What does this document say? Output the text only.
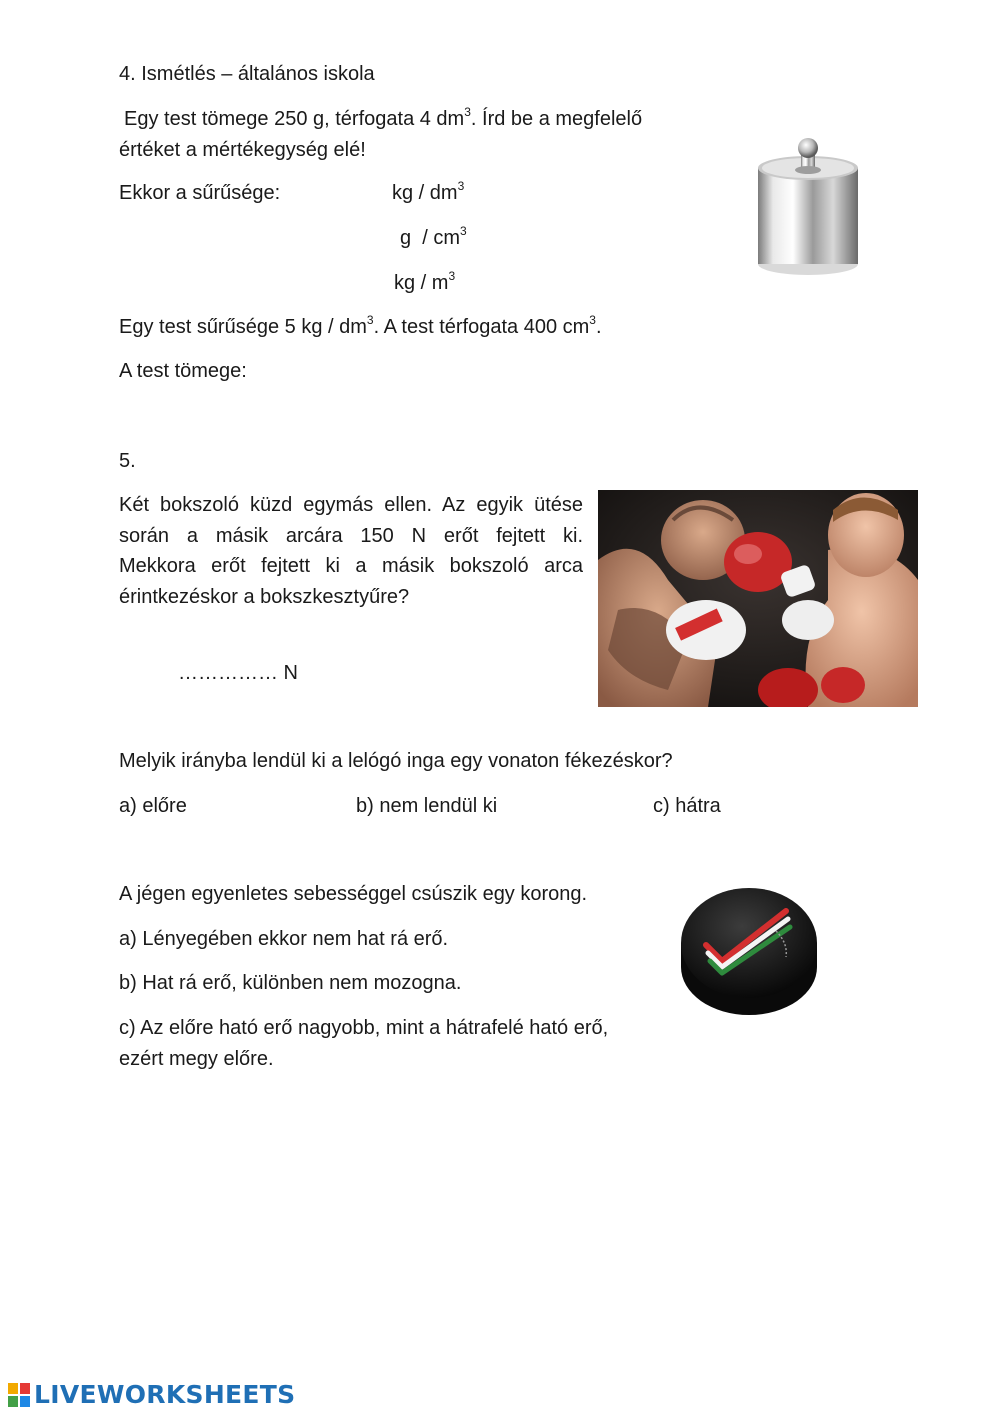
4. Ismétlés – általános iskola
Egy test tömege 250 g, térfogata 4 $dm^3$. Írd be a megfelelő
értéket a mértékegység elé!
Ekkor a sűrűsége:	kg / $dm^3$
g  / $cm^3$
kg / $m^3$
Egy test sűrűsége 5 kg / $dm^3$. A test térfogata 400 $cm^3$.
A test tömege:
5.
Két bokszoló küzd egymás ellen. Az egyik ütése
során a másik arcára 150 N erőt fejtett ki.
Mekkora erőt fejtett ki a másik bokszoló arca
érintkezéskor a bokszkesztyűre?
…………… N
Melyik irányba lendül ki a lelógó inga egy vonaton fékezéskor?
a) előre	b) nem lendül ki	c) hátra
A jégen egyenletes sebességgel csúszik egy korong.
a) Lényegében ekkor nem hat rá erő.
b) Hat rá erő, különben nem mozogna.
c) Az előre ható erő nagyobb, mint a hátrafelé ható erő,
ezért megy előre.
LIVEWORKSHEETS
